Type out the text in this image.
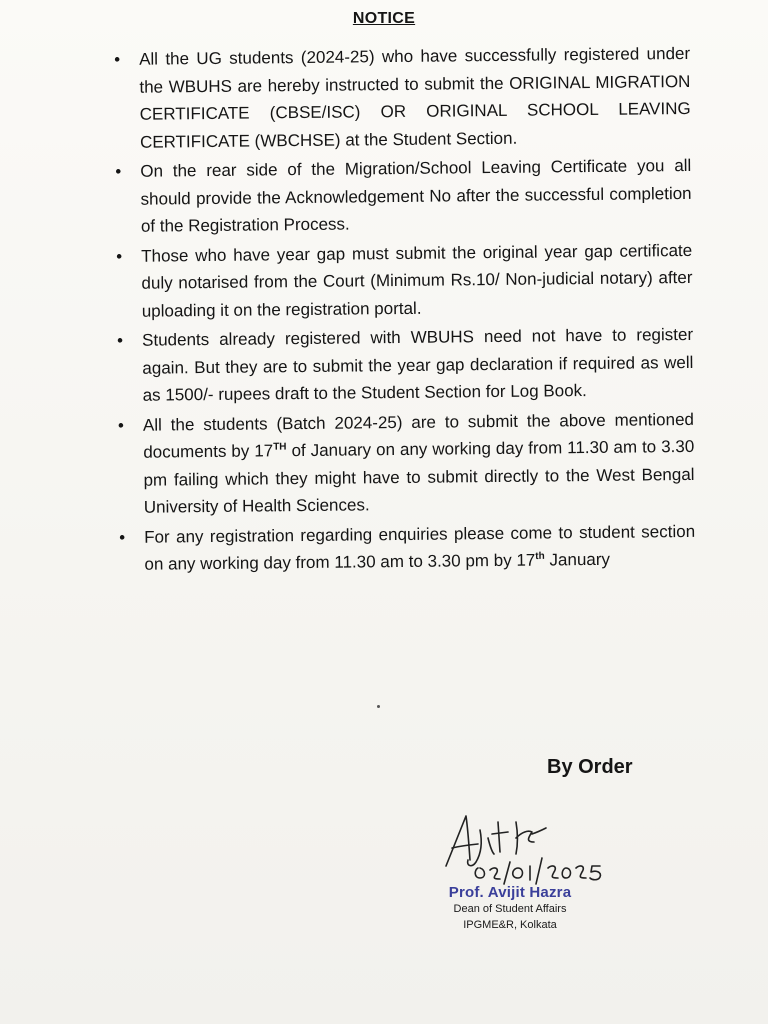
NOTICE
• All the UG students (2024-25) who have successfully registered under the WBUHS are hereby instructed to submit the ORIGINAL MIGRATION CERTIFICATE (CBSE/ISC) OR ORIGINAL SCHOOL LEAVING CERTIFICATE (WBCHSE) at the Student Section.
• On the rear side of the Migration/School Leaving Certificate you all should provide the Acknowledgement No after the successful completion of the Registration Process.
• Those who have year gap must submit the original year gap certificate duly notarised from the Court (Minimum Rs.10/ Non-judicial notary) after uploading it on the registration portal.
• Students already registered with WBUHS need not have to register again. But they are to submit the year gap declaration if required as well as 1500/- rupees draft to the Student Section for Log Book.
• All the students (Batch 2024-25) are to submit the above mentioned documents by 17TH of January on any working day from 11.30 am to 3.30 pm failing which they might have to submit directly to the West Bengal University of Health Sciences.
• For any registration regarding enquiries please come to student section on any working day from 11.30 am to 3.30 pm by 17th January
By Order
Prof. Avijit Hazra
Dean of Student Affairs
IPGME&R, Kolkata
